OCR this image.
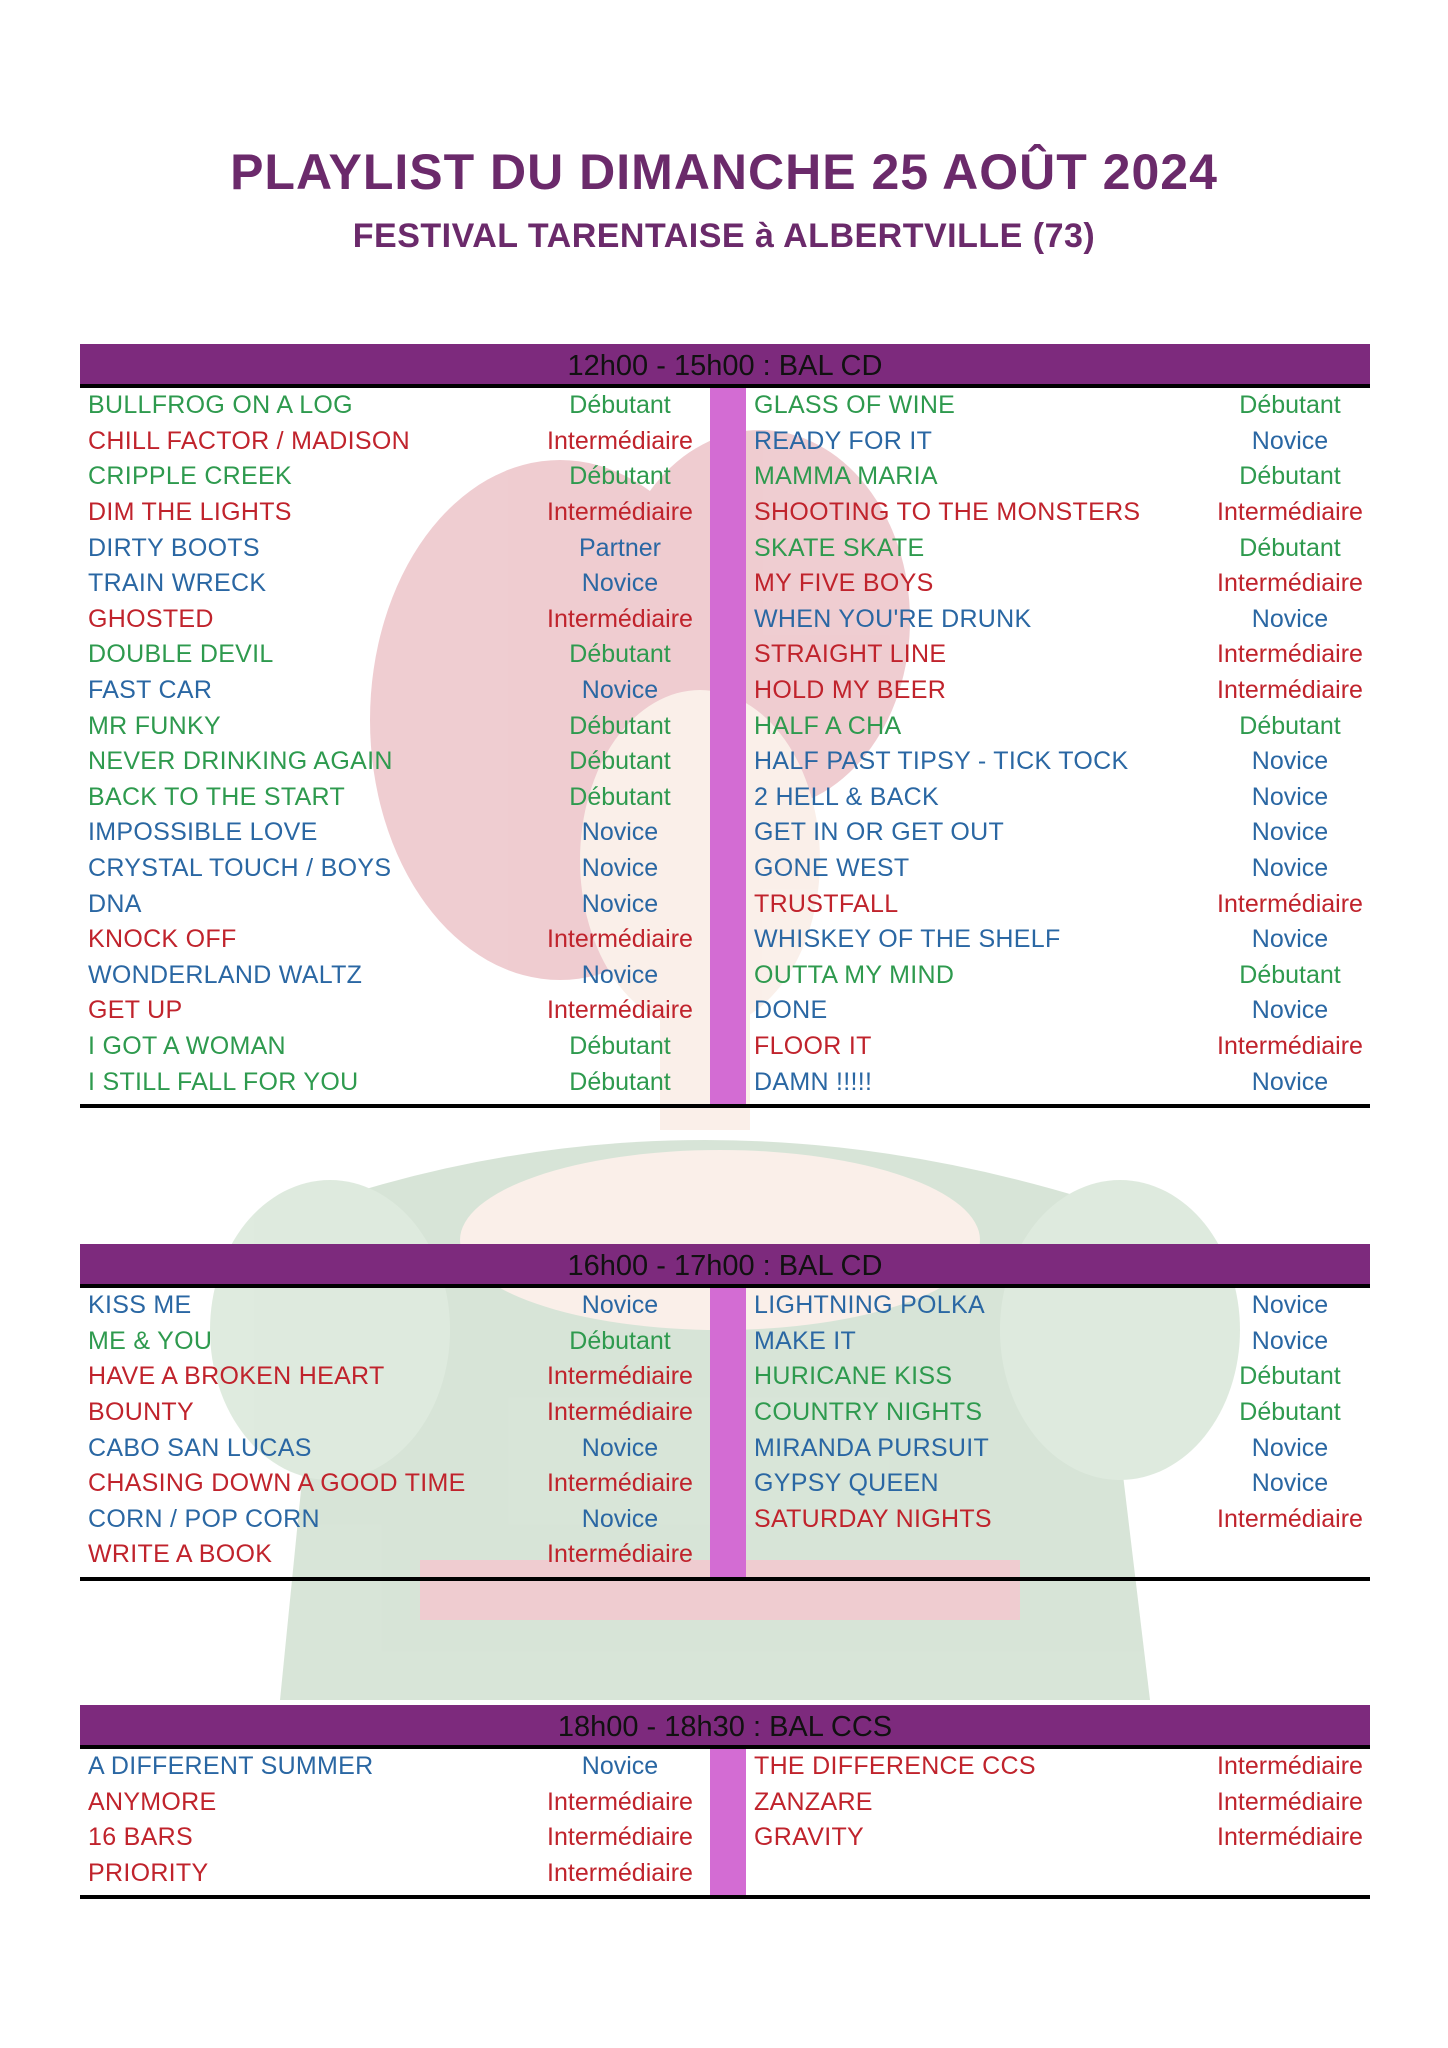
PLAYLIST DU DIMANCHE 25 AOÛT 2024
FESTIVAL TARENTAISE à ALBERTVILLE (73)
12h00 - 15h00 : BAL CD
BULLFROG ON A LOG	Débutant
CHILL FACTOR / MADISON	Intermédiaire
CRIPPLE CREEK	Débutant
DIM THE LIGHTS	Intermédiaire
DIRTY BOOTS	Partner
TRAIN WRECK	Novice
GHOSTED	Intermédiaire
DOUBLE DEVIL	Débutant
FAST CAR	Novice
MR FUNKY	Débutant
NEVER DRINKING AGAIN	Débutant
BACK TO THE START	Débutant
IMPOSSIBLE LOVE	Novice
CRYSTAL TOUCH / BOYS	Novice
DNA	Novice
KNOCK OFF	Intermédiaire
WONDERLAND WALTZ	Novice
GET UP	Intermédiaire
I GOT A WOMAN	Débutant
I STILL FALL FOR YOU	Débutant
GLASS OF WINE	Débutant
READY FOR IT	Novice
MAMMA MARIA	Débutant
SHOOTING TO THE MONSTERS	Intermédiaire
SKATE SKATE	Débutant
MY FIVE BOYS	Intermédiaire
WHEN YOU'RE DRUNK	Novice
STRAIGHT LINE	Intermédiaire
HOLD MY BEER	Intermédiaire
HALF A CHA	Débutant
HALF PAST TIPSY - TICK TOCK	Novice
2 HELL & BACK	Novice
GET IN OR GET OUT	Novice
GONE WEST	Novice
TRUSTFALL	Intermédiaire
WHISKEY OF THE SHELF	Novice
OUTTA MY MIND	Débutant
DONE	Novice
FLOOR IT	Intermédiaire
DAMN !!!!!	Novice
16h00 - 17h00 : BAL CD
KISS ME	Novice
ME & YOU	Débutant
HAVE A BROKEN HEART	Intermédiaire
BOUNTY	Intermédiaire
CABO SAN LUCAS	Novice
CHASING DOWN A GOOD TIME	Intermédiaire
CORN / POP CORN	Novice
WRITE A BOOK	Intermédiaire
LIGHTNING POLKA	Novice
MAKE IT	Novice
HURICANE KISS	Débutant
COUNTRY NIGHTS	Débutant
MIRANDA PURSUIT	Novice
GYPSY QUEEN	Novice
SATURDAY NIGHTS	Intermédiaire
18h00 - 18h30 : BAL CCS
A DIFFERENT SUMMER	Novice
ANYMORE	Intermédiaire
16 BARS	Intermédiaire
PRIORITY	Intermédiaire
THE DIFFERENCE CCS	Intermédiaire
ZANZARE	Intermédiaire
GRAVITY	Intermédiaire
